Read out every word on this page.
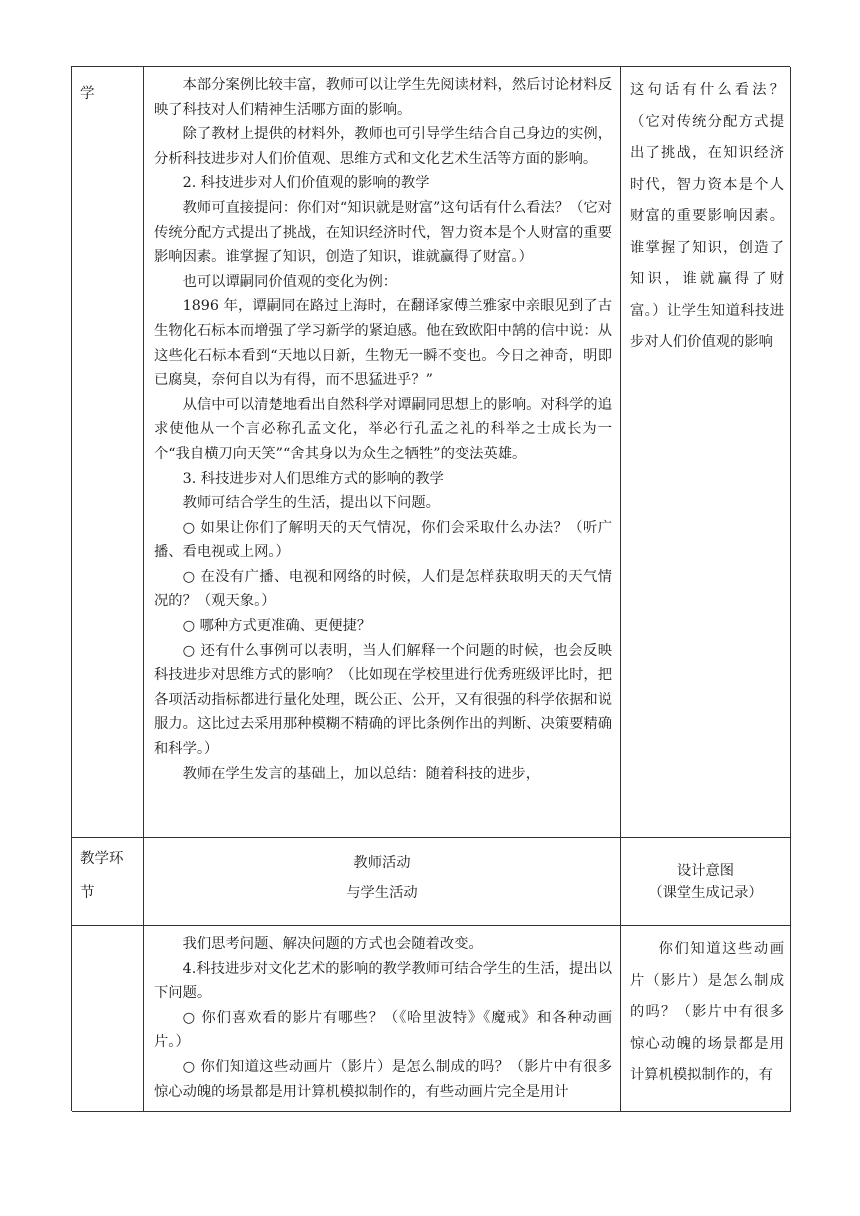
学

本部分案例比较丰富，教师可以让学生先阅读材料，然后讨论材料反映了科技对人们精神生活哪方面的影响。

除了教材上提供的材料外，教师也可引导学生结合自己身边的实例，分析科技进步对人们价值观、思维方式和文化艺术生活等方面的影响。

2. 科技进步对人们价值观的影响的教学

教师可直接提问：你们对“知识就是财富”这句话有什么看法？（它对传统分配方式提出了挑战，在知识经济时代，智力资本是个人财富的重要影响因素。谁掌握了知识，创造了知识，谁就赢得了财富。）

也可以谭嗣同价值观的变化为例：

1896 年，谭嗣同在路过上海时，在翻译家傅兰雅家中亲眼见到了古生物化石标本而增强了学习新学的紧迫感。他在致欧阳中鹄的信中说：从这些化石标本看到“天地以日新，生物无一瞬不变也。今日之神奇，明即已腐臭，奈何自以为有得，而不思猛进乎？”

从信中可以清楚地看出自然科学对谭嗣同思想上的影响。对科学的追求使他从一个言必称孔孟文化，举必行孔孟之礼的科举之士成长为一个“我自横刀向天笑”“舍其身以为众生之牺牲”的变法英雄。

3. 科技进步对人们思维方式的影响的教学

教师可结合学生的生活，提出以下问题。

○ 如果让你们了解明天的天气情况，你们会采取什么办法？（听广播、看电视或上网。）

○ 在没有广播、电视和网络的时候，人们是怎样获取明天的天气情况的？（观天象。）

○ 哪种方式更准确、更便捷？

○ 还有什么事例可以表明，当人们解释一个问题的时候，也会反映科技进步对思维方式的影响？（比如现在学校里进行优秀班级评比时，把各项活动指标都进行量化处理，既公正、公开，又有很强的科学依据和说服力。这比过去采用那种模糊不精确的评比条例作出的判断、决策要精确和科学。）

教师在学生发言的基础上，加以总结：随着科技的进步，

这句话有什么看法？（它对传统分配方式提出了挑战，在知识经济时代，智力资本是个人财富的重要影响因素。谁掌握了知识，创造了知识，谁就赢得了财富。）让学生知道科技进步对人们价值观的影响

教学环
节
教师活动
与学生活动
设计意图
（课堂生成记录）

我们思考问题、解决问题的方式也会随着改变。

4.科技进步对文化艺术的影响的教学教师可结合学生的生活，提出以下问题。

○ 你们喜欢看的影片有哪些？（《哈里波特》《魔戒》和各种动画片。）

○ 你们知道这些动画片（影片）是怎么制成的吗？（影片中有很多惊心动魄的场景都是用计算机模拟制作的，有些动画片完全是用计

你们知道这些动画片（影片）是怎么制成的吗？（影片中有很多惊心动魄的场景都是用计算机模拟制作的，有
